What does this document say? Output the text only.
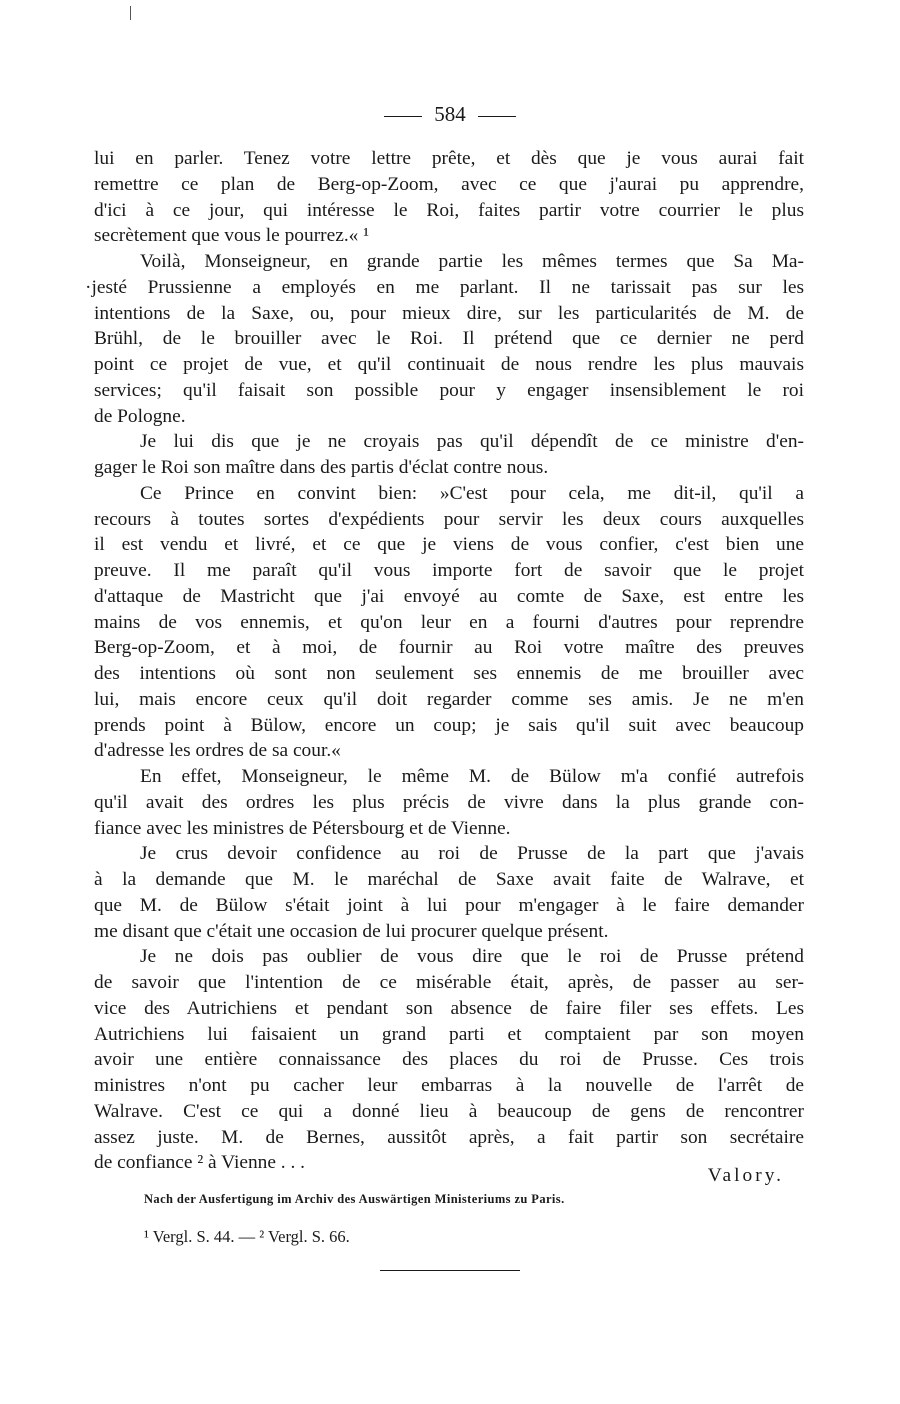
584
lui en parler. Tenez votre lettre prête, et dès que je vous aurai fait
remettre ce plan de Berg-op-Zoom, avec ce que j'aurai pu apprendre,
d'ici à ce jour, qui intéresse le Roi, faites partir votre courrier le plus
secrètement que vous le pourrez.« ¹
Voilà, Monseigneur, en grande partie les mêmes termes que Sa Ma-
·jesté Prussienne a employés en me parlant. Il ne tarissait pas sur les
intentions de la Saxe, ou, pour mieux dire, sur les particularités de M. de
Brühl, de le brouiller avec le Roi. Il prétend que ce dernier ne perd
point ce projet de vue, et qu'il continuait de nous rendre les plus mauvais
services; qu'il faisait son possible pour y engager insensiblement le roi
de Pologne.
Je lui dis que je ne croyais pas qu'il dépendît de ce ministre d'en-
gager le Roi son maître dans des partis d'éclat contre nous.
Ce Prince en convint bien: »C'est pour cela, me dit-il, qu'il a
recours à toutes sortes d'expédients pour servir les deux cours auxquelles
il est vendu et livré, et ce que je viens de vous confier, c'est bien une
preuve. Il me paraît qu'il vous importe fort de savoir que le projet
d'attaque de Mastricht que j'ai envoyé au comte de Saxe, est entre les
mains de vos ennemis, et qu'on leur en a fourni d'autres pour reprendre
Berg-op-Zoom, et à moi, de fournir au Roi votre maître des preuves
des intentions où sont non seulement ses ennemis de me brouiller avec
lui, mais encore ceux qu'il doit regarder comme ses amis. Je ne m'en
prends point à Bülow, encore un coup; je sais qu'il suit avec beaucoup
d'adresse les ordres de sa cour.«
En effet, Monseigneur, le même M. de Bülow m'a confié autrefois
qu'il avait des ordres les plus précis de vivre dans la plus grande con-
fiance avec les ministres de Pétersbourg et de Vienne.
Je crus devoir confidence au roi de Prusse de la part que j'avais
à la demande que M. le maréchal de Saxe avait faite de Walrave, et
que M. de Bülow s'était joint à lui pour m'engager à le faire demander
me disant que c'était une occasion de lui procurer quelque présent.
Je ne dois pas oublier de vous dire que le roi de Prusse prétend
de savoir que l'intention de ce misérable était, après, de passer au ser-
vice des Autrichiens et pendant son absence de faire filer ses effets. Les
Autrichiens lui faisaient un grand parti et comptaient par son moyen
avoir une entière connaissance des places du roi de Prusse. Ces trois
ministres n'ont pu cacher leur embarras à la nouvelle de l'arrêt de
Walrave. C'est ce qui a donné lieu à beaucoup de gens de rencontrer
assez juste. M. de Bernes, aussitôt après, a fait partir son secrétaire
de confiance ² à Vienne . . .
Valory.
Nach der Ausfertigung im Archiv des Auswärtigen Ministeriums zu Paris.
¹ Vergl. S. 44. — ² Vergl. S. 66.
